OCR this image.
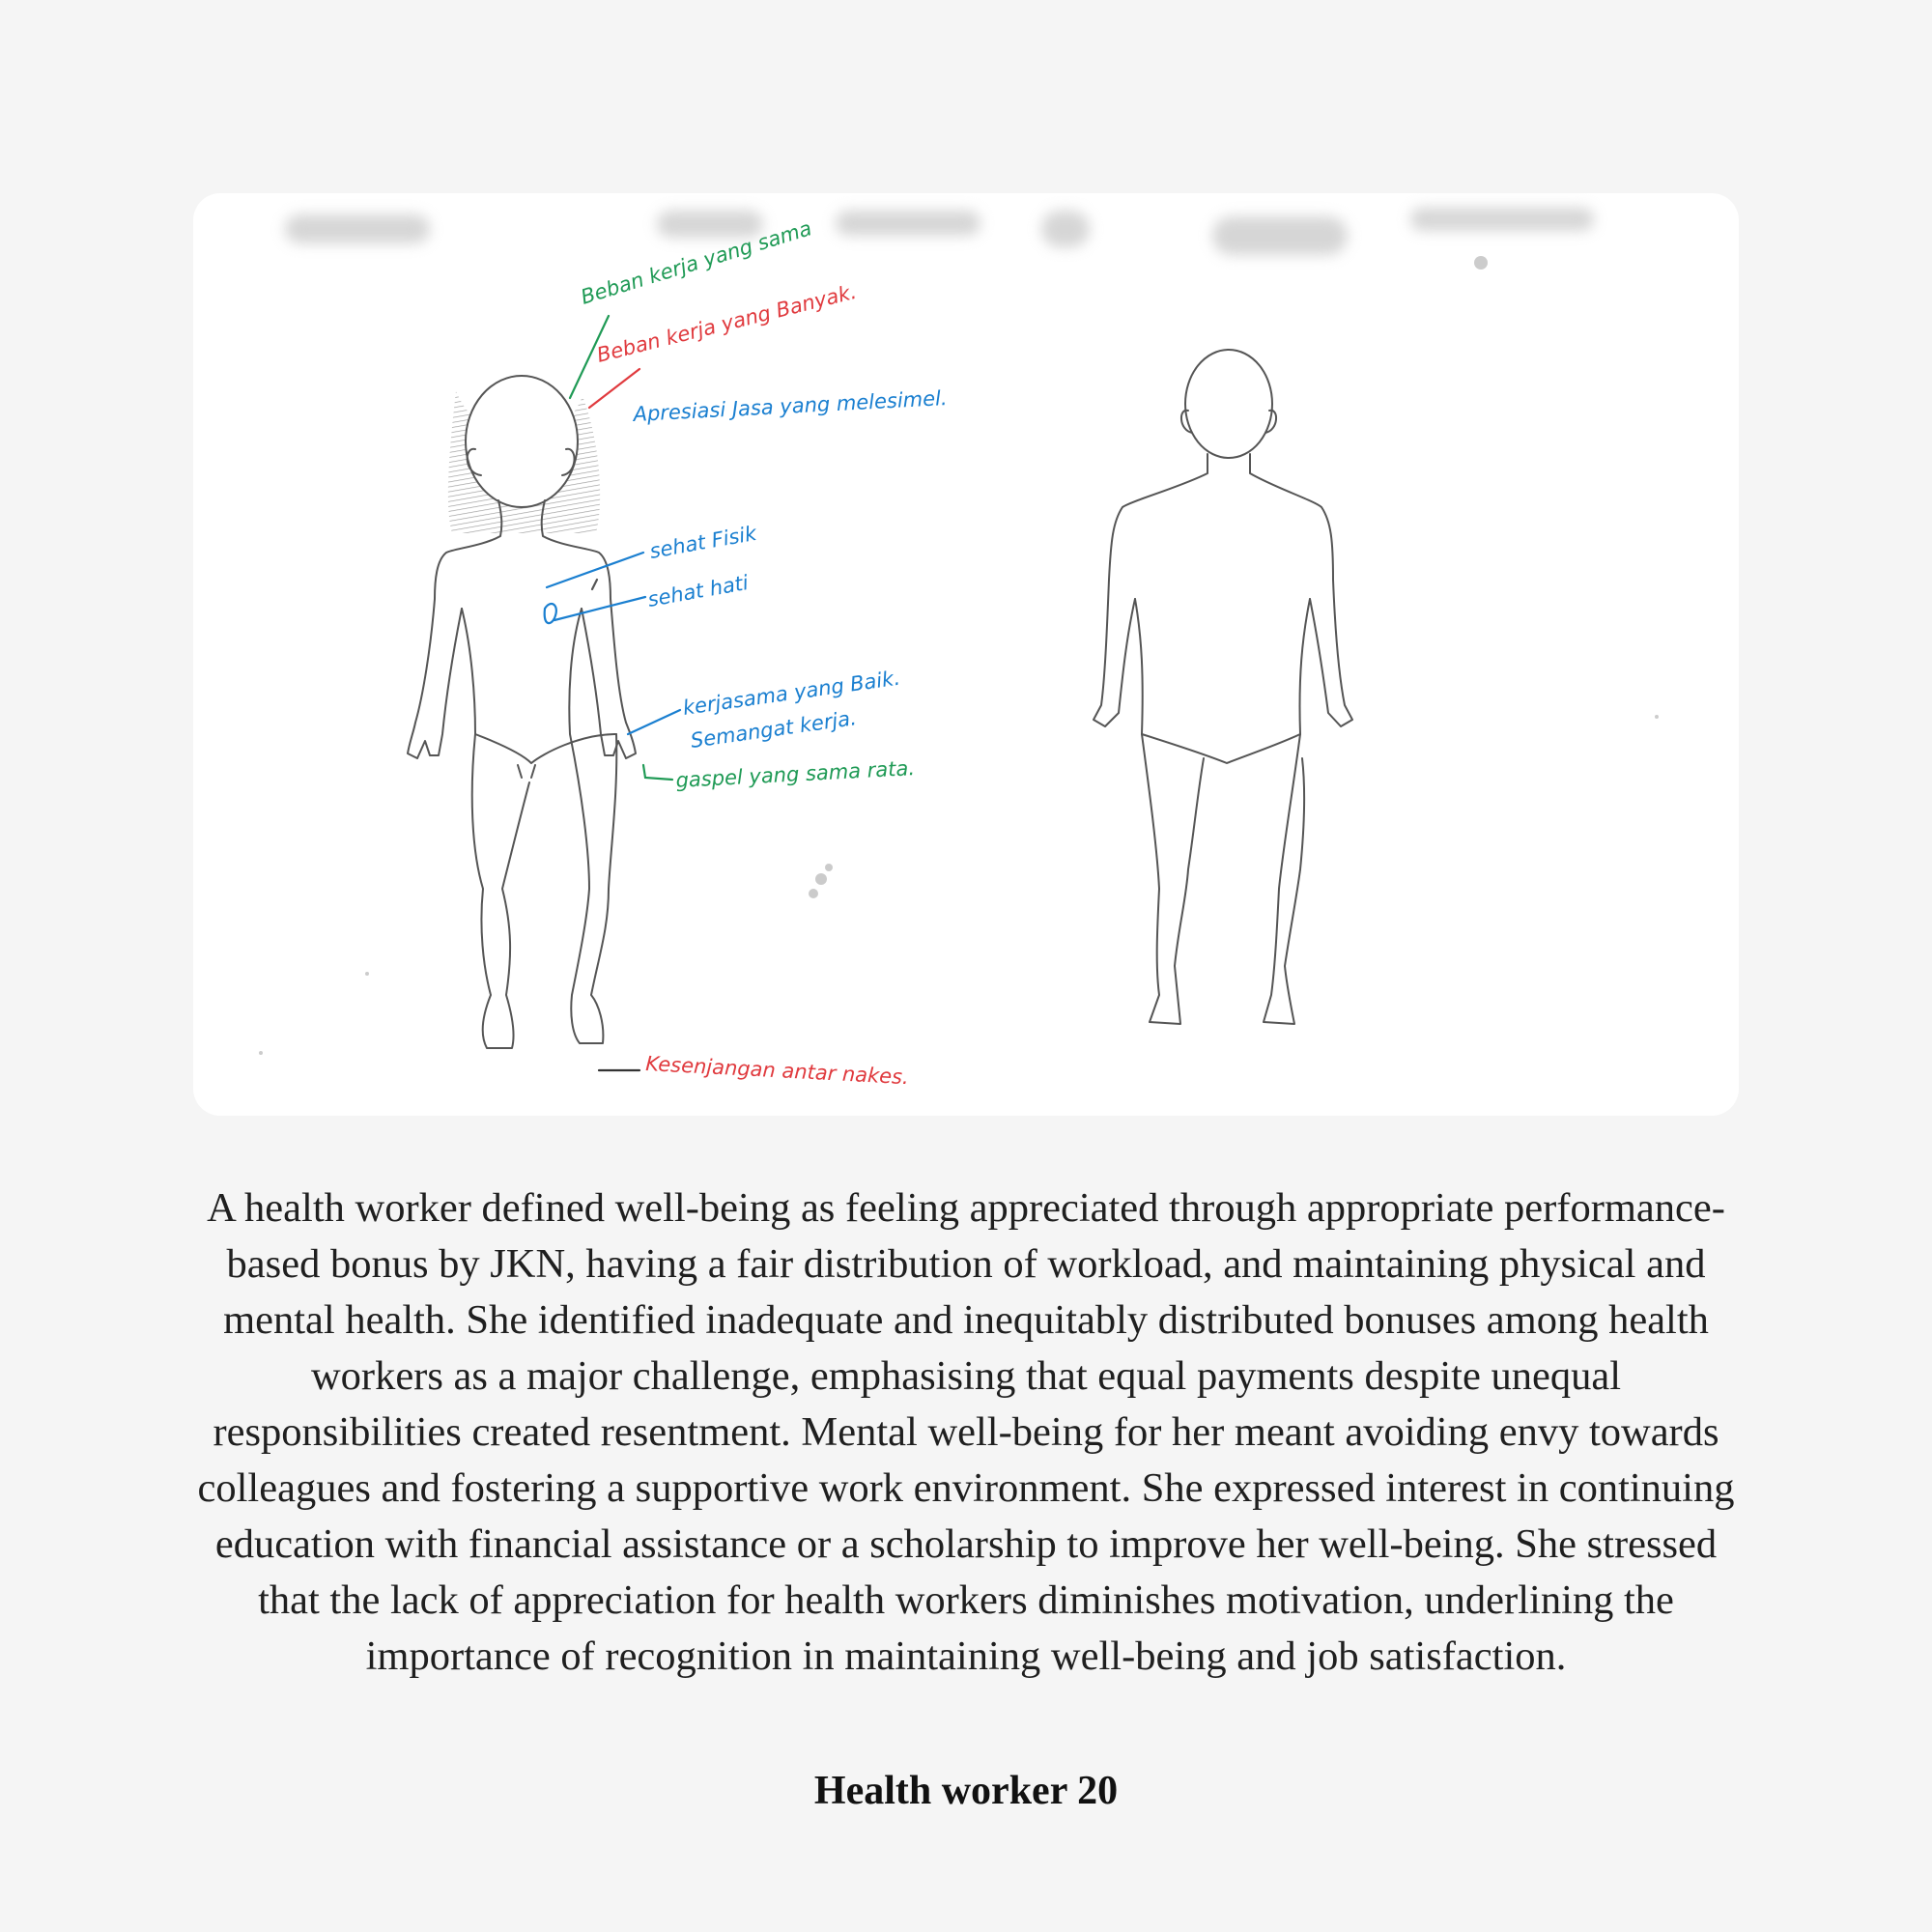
Beban kerja yang sama
Beban kerja yang Banyak.
Apresiasi Jasa yang melesimel.
sehat Fisik
sehat hati
kerjasama yang Baik.
Semangat kerja.
gaspel yang sama rata.
Kesenjangan antar nakes.
A health worker defined well-being as feeling appreciated through appropriate performance-based bonus by JKN, having a fair distribution of workload, and maintaining physical and mental health. She identified inadequate and inequitably distributed bonuses among health workers as a major challenge, emphasising that equal payments despite unequal responsibilities created resentment. Mental well-being for her meant avoiding envy towards colleagues and fostering a supportive work environment. She expressed interest in continuing education with financial assistance or a scholarship to improve her well-being. She stressed that the lack of appreciation for health workers diminishes motivation, underlining the importance of recognition in maintaining well-being and job satisfaction.
Health worker 20
